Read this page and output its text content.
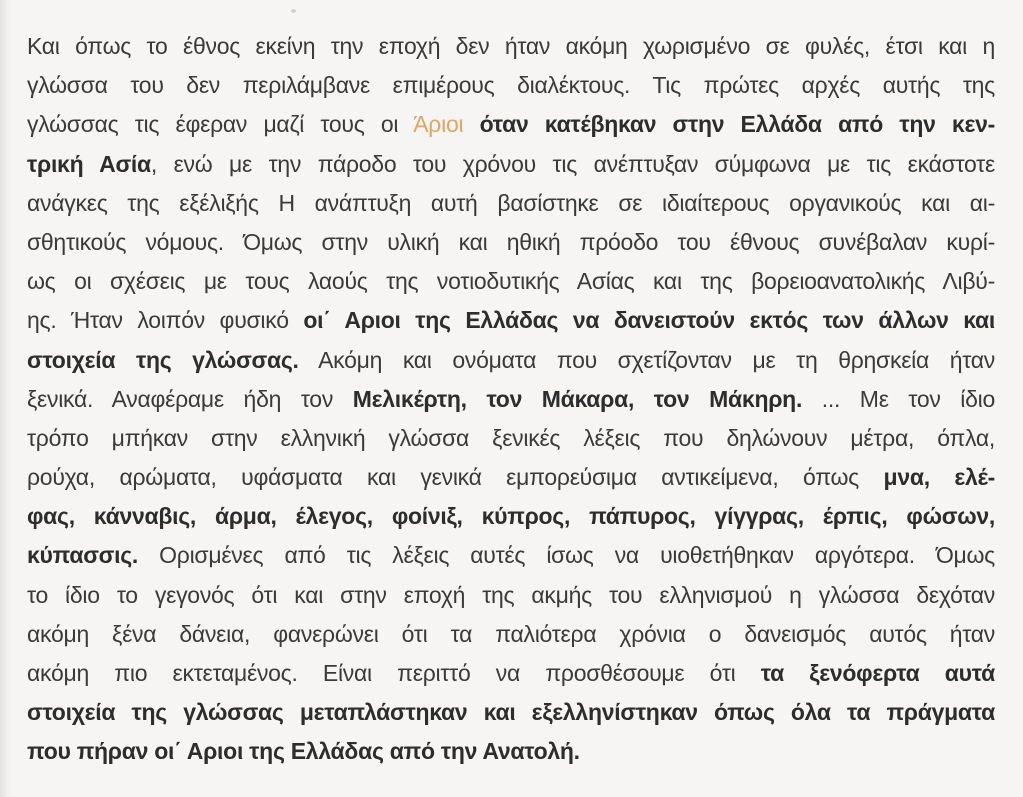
Και όπως το έθνος εκείνη την εποχή δεν ήταν ακόμη χωρισμένο σε φυλές, έτσι και η
γλώσσα του δεν περιλάμβανε επιμέρους διαλέκτους. Τις πρώτες αρχές αυτής της
γλώσσας τις έφεραν μαζί τους οι Άριοι όταν κατέβηκαν στην Ελλάδα από την κεν-
τρική Ασία, ενώ με την πάροδο του χρόνου τις ανέπτυξαν σύμφωνα με τις εκάστοτε
ανάγκες της εξέλιξής Η ανάπτυξη αυτή βασίστηκε σε ιδιαίτερους οργανικούς και αι-
σθητικούς νόμους. Όμως στην υλική και ηθική πρόοδο του έθνους συνέβαλαν κυρί-
ως οι σχέσεις με τους λαούς της νοτιοδυτικής Ασίας και της βορειοανατολικής Λιβύ-
ης. Ήταν λοιπόν φυσικό οι΄ Αριοι της Ελλάδας να δανειστούν εκτός των άλλων και
στοιχεία της γλώσσας. Ακόμη και ονόματα που σχετίζονταν με τη θρησκεία ήταν
ξενικά. Αναφέραμε ήδη τον Μελικέρτη, τον Μάκαρα, τον Μάκηρη. ... Με τον ίδιο
τρόπο μπήκαν στην ελληνική γλώσσα ξενικές λέξεις που δηλώνουν μέτρα, όπλα,
ρούχα, αρώματα, υφάσματα και γενικά εμπορεύσιμα αντικείμενα, όπως μνα, ελέ-
φας, κάνναβις, άρμα, έλεγος, φοίνιξ, κύπρος, πάπυρος, γίγγρας, έρπις, φώσων,
κύπασσις. Ορισμένες από τις λέξεις αυτές ίσως να υιοθετήθηκαν αργότερα. Όμως
το ίδιο το γεγονός ότι και στην εποχή της ακμής του ελληνισμού η γλώσσα δεχόταν
ακόμη ξένα δάνεια, φανερώνει ότι τα παλιότερα χρόνια ο δανεισμός αυτός ήταν
ακόμη πιο εκτεταμένος. Είναι περιττό να προσθέσουμε ότι τα ξενόφερτα αυτά
στοιχεία της γλώσσας μεταπλάστηκαν και εξελληνίστηκαν όπως όλα τα πράγματα
που πήραν οι΄ Αριοι της Ελλάδας από την Ανατολή.
